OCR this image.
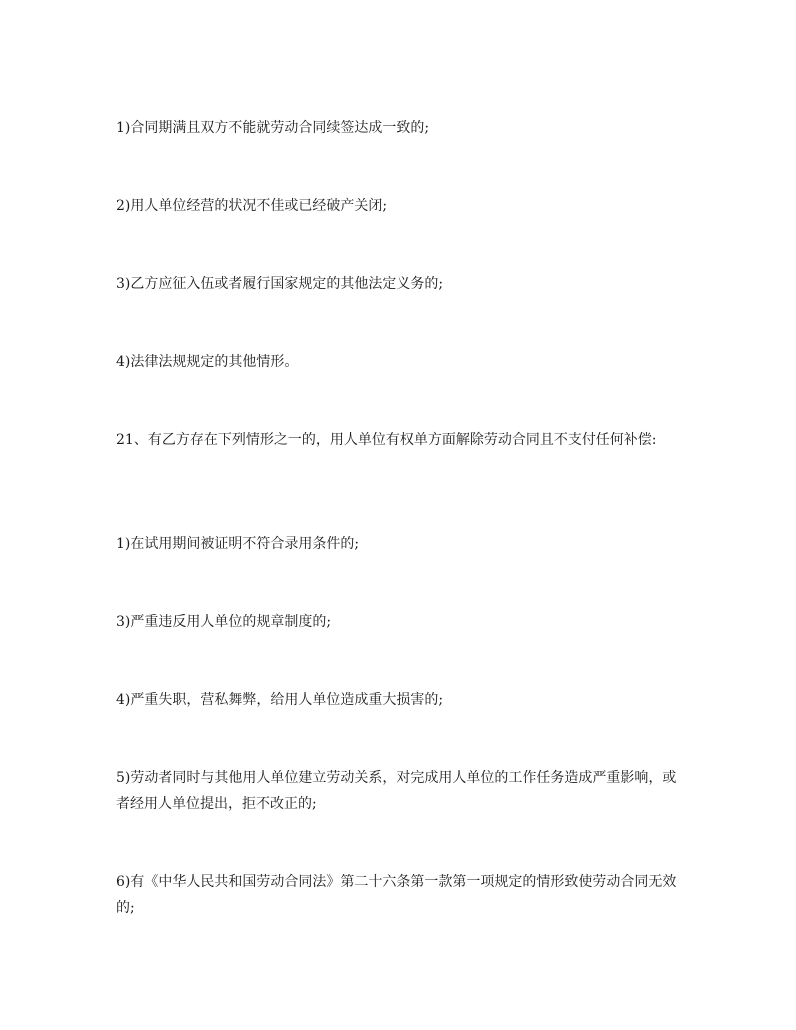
1)合同期满且双方不能就劳动合同续签达成一致的;

2)用人单位经营的状况不佳或已经破产关闭;

3)乙方应征入伍或者履行国家规定的其他法定义务的;

4)法律法规规定的其他情形。

21、有乙方存在下列情形之一的，用人单位有权单方面解除劳动合同且不支付任何补偿:

1)在试用期间被证明不符合录用条件的;

3)严重违反用人单位的规章制度的;

4)严重失职，营私舞弊，给用人单位造成重大损害的;

5)劳动者同时与其他用人单位建立劳动关系，对完成用人单位的工作任务造成严重影响，或者经用人单位提出，拒不改正的;

6)有《中华人民共和国劳动合同法》第二十六条第一款第一项规定的情形致使劳动合同无效的;
